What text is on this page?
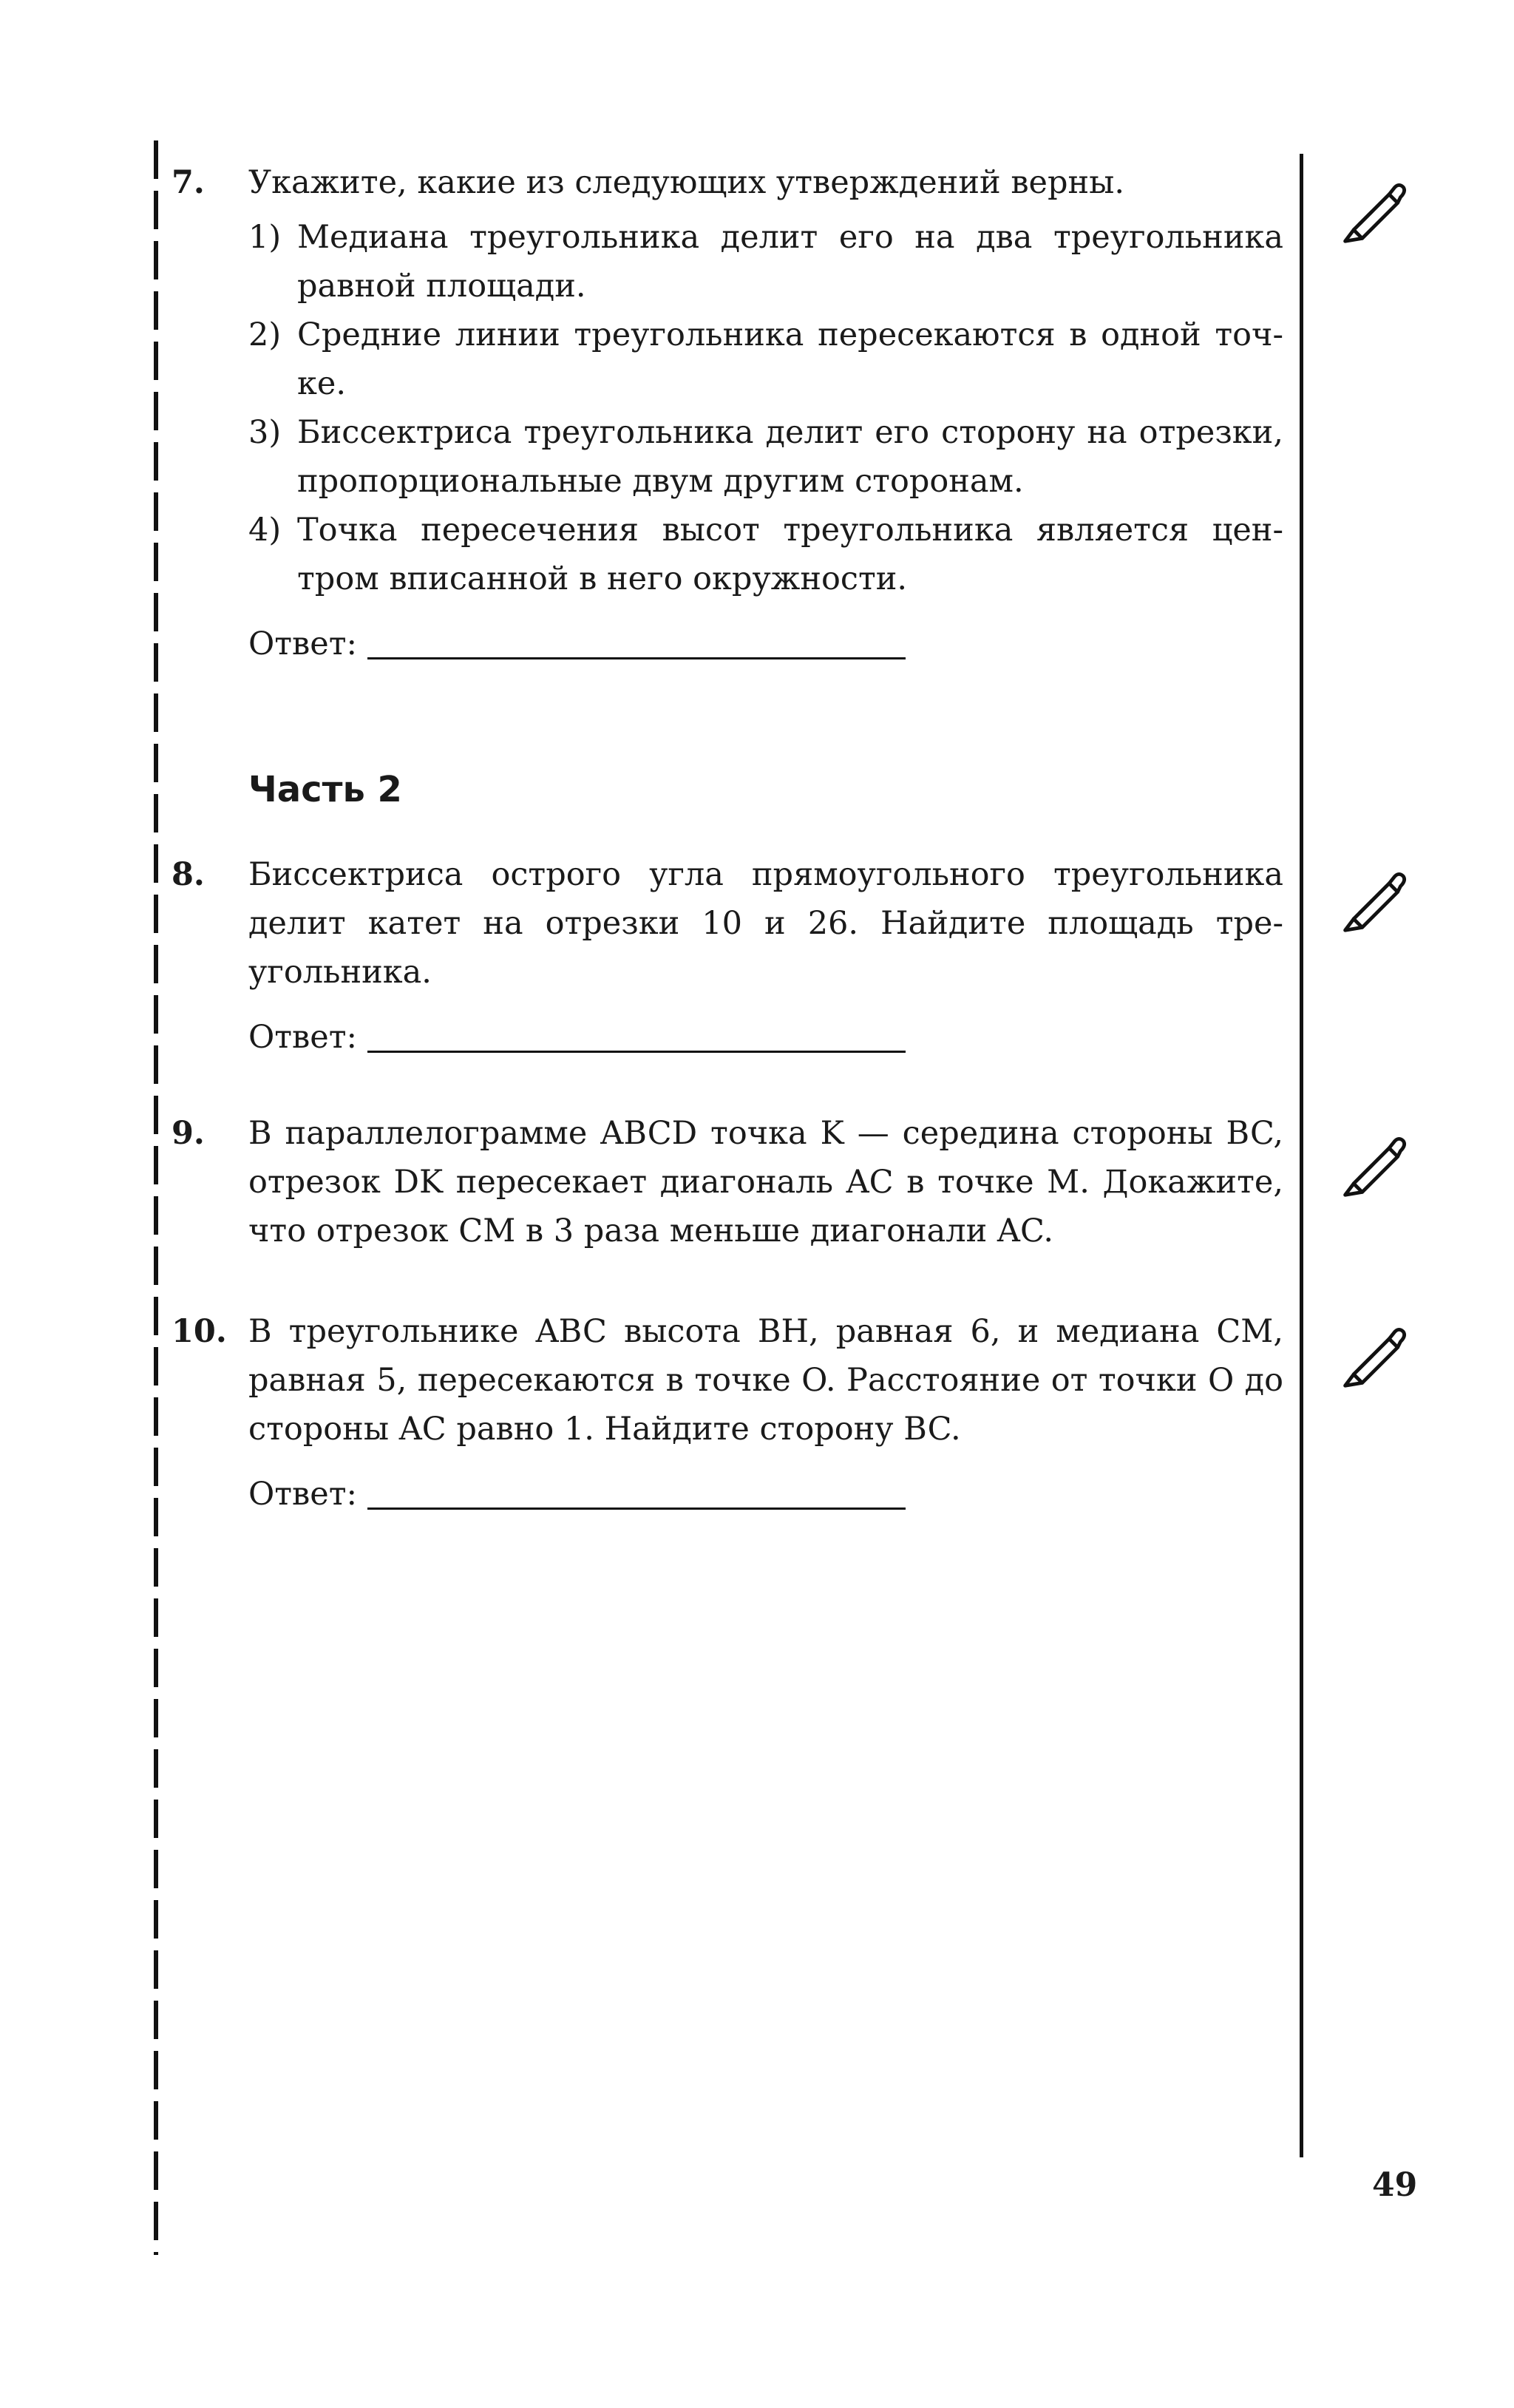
7. Укажите, какие из следующих утверждений верны.

1) Медиана треугольника делит его на два треугольника равной площади.

2) Средние линии треугольника пересекаются в одной точке.

3) Биссектриса треугольника делит его сторону на отрезки, пропорциональные двум другим сторонам.

4) Точка пересечения высот треугольника является центром вписанной в него окружности.

Ответ:
Часть 2
8. Биссектриса острого угла прямоугольного треугольника делит катет на отрезки 10 и 26. Найдите площадь треугольника.

Ответ:
9. В параллелограмме ABCD точка K — середина стороны BC, отрезок DK пересекает диагональ AC в точке M. Докажите, что отрезок CM в 3 раза меньше диагонали AC.

10. В треугольнике ABC высота BH, равная 6, и медиана CM, равная 5, пересекаются в точке O. Расстояние от точки O до стороны AC равно 1. Найдите сторону BC.

Ответ:
49
